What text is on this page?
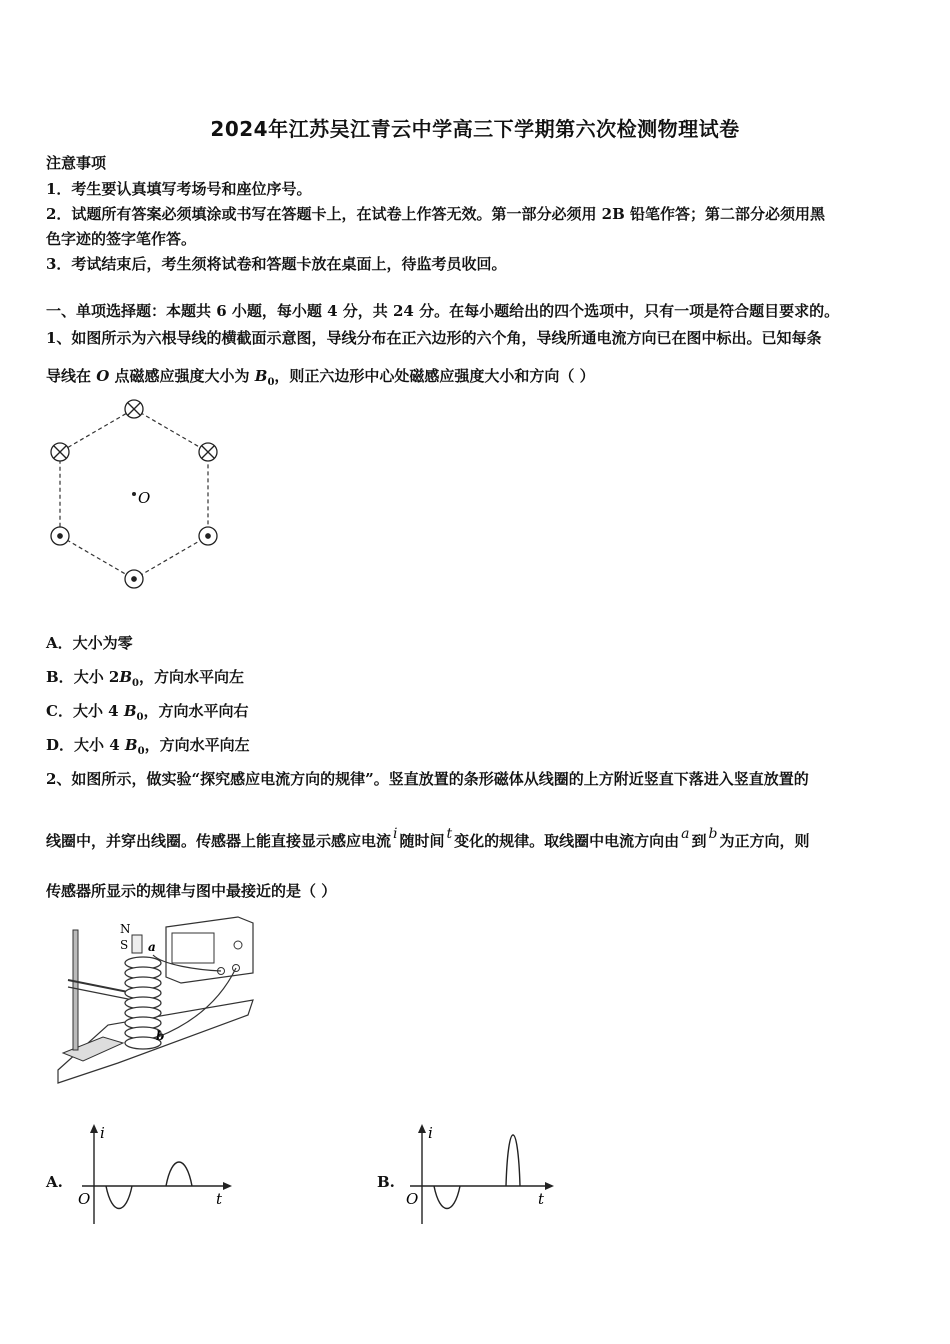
2024年江苏吴江青云中学高三下学期第六次检测物理试卷
注意事项
1．考生要认真填写考场号和座位序号。
2．试题所有答案必须填涂或书写在答题卡上，在试卷上作答无效。第一部分必须用 2B 铅笔作答；第二部分必须用黑
色字迹的签字笔作答。
3．考试结束后，考生须将试卷和答题卡放在桌面上，待监考员收回。
一、单项选择题：本题共 6 小题，每小题 4 分，共 24 分。在每小题给出的四个选项中，只有一项是符合题目要求的。
1、如图所示为六根导线的横截面示意图，导线分布在正六边形的六个角，导线所通电流方向已在图中标出。已知每条
导线在 O 点磁感应强度大小为 $B_0$，则正六边形中心处磁感应强度大小和方向（ ）
O
A．大小为零
B．大小 $2B_0$，方向水平向左
C．大小 4 $B_0$，方向水平向右
D．大小 4 $B_0$，方向水平向左
2、如图所示，做实验“探究感应电流方向的规律”。竖直放置的条形磁体从线圈的上方附近竖直下落进入竖直放置的
线圈中，并穿出线圈。传感器上能直接显示感应电流 i 随时间 t 变化的规律。取线圈中电流方向由 a 到 b 为正方向，则
传感器所显示的规律与图中最接近的是（ ）
N
S a
b
A.
i
t
O
B.
i
t
O
